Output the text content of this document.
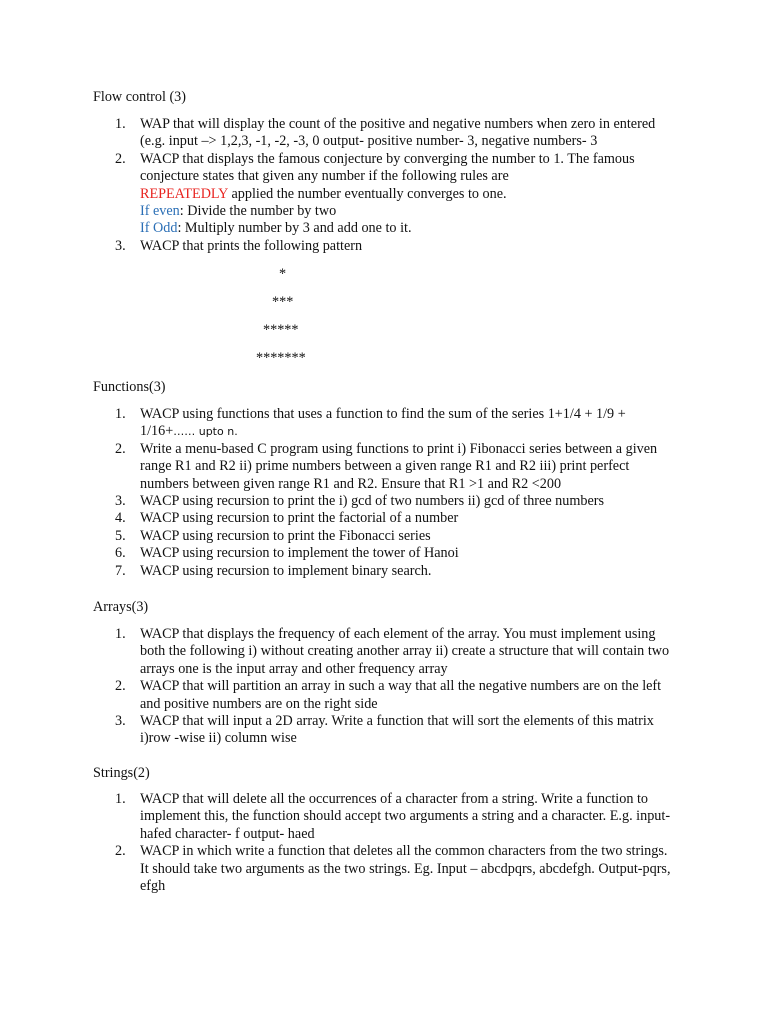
Flow control (3)

1. WAP that will display the count of the positive and negative numbers when zero in entered (e.g. input –> 1,2,3, -1, -2, -3, 0 output- positive number- 3, negative numbers- 3
2. WACP that displays the famous conjecture by converging the number to 1. The famous conjecture states that given any number if the following rules are
REPEATEDLY applied the number eventually converges to one.
If even: Divide the number by two
If Odd: Multiply number by 3 and add one to it.
3. WACP that prints the following pattern
*
***
*****
*******

Functions(3)

1. WACP using functions that uses a function to find the sum of the series 1+1/4 + 1/9 + 1/16+…… upto n.
2. Write a menu-based C program using functions to print i) Fibonacci series between a given range R1 and R2 ii) prime numbers between a given range R1 and R2 iii) print perfect numbers between given range R1 and R2. Ensure that R1 >1 and R2 <200
3. WACP using recursion to print the i) gcd of two numbers ii) gcd of three numbers
4. WACP using recursion to print the factorial of a number
5. WACP using recursion to print the Fibonacci series
6. WACP using recursion to implement the tower of Hanoi
7. WACP using recursion to implement binary search.

Arrays(3)

1. WACP that displays the frequency of each element of the array. You must implement using both the following i) without creating another array ii) create a structure that will contain two arrays one is the input array and other frequency array
2. WACP that will partition an array in such a way that all the negative numbers are on the left and positive numbers are on the right side
3. WACP that will input a 2D array. Write a function that will sort the elements of this matrix i)row -wise ii) column wise

Strings(2)

1. WACP that will delete all the occurrences of a character from a string. Write a function to implement this, the function should accept two arguments a string and a character. E.g. input- hafed character- f output- haed
2. WACP in which write a function that deletes all the common characters from the two strings. It should take two arguments as the two strings. Eg. Input – abcdpqrs, abcdefgh. Output-pqrs, efgh
